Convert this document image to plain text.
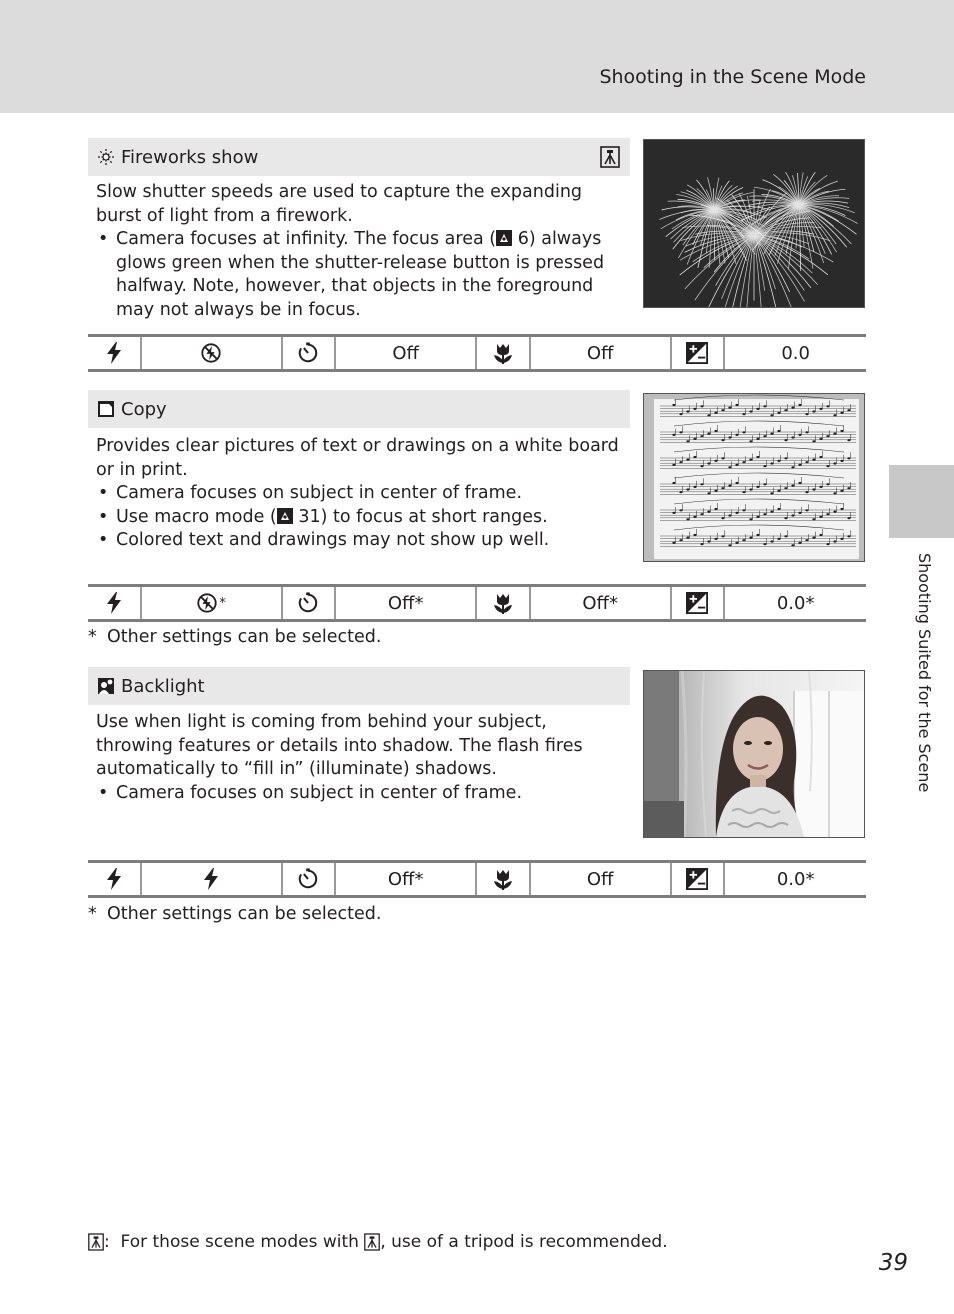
Shooting in the Scene Mode
Shooting Suited for the Scene
Fireworks show

Slow shutter speeds are used to capture the expanding burst of light from a firework.

• Camera focuses at infinity. The focus area ( 6) always glows green when the shutter-release button is pressed halfway. Note, however, that objects in the foreground may not always be in focus.
Off	Off	0.0
Copy

Provides clear pictures of text or drawings on a white board or in print.

• Camera focuses on subject in center of frame.
• Use macro mode ( 31) to focus at short ranges.
• Colored text and drawings may not show up well.
*	Off*	Off*	0.0*
* Other settings can be selected.
Backlight

Use when light is coming from behind your subject, throwing features or details into shadow. The flash fires automatically to “fill in” (illuminate) shadows.

• Camera focuses on subject in center of frame.
Off*	Off	0.0*
* Other settings can be selected.
:  For those scene modes with , use of a tripod is recommended.
39
